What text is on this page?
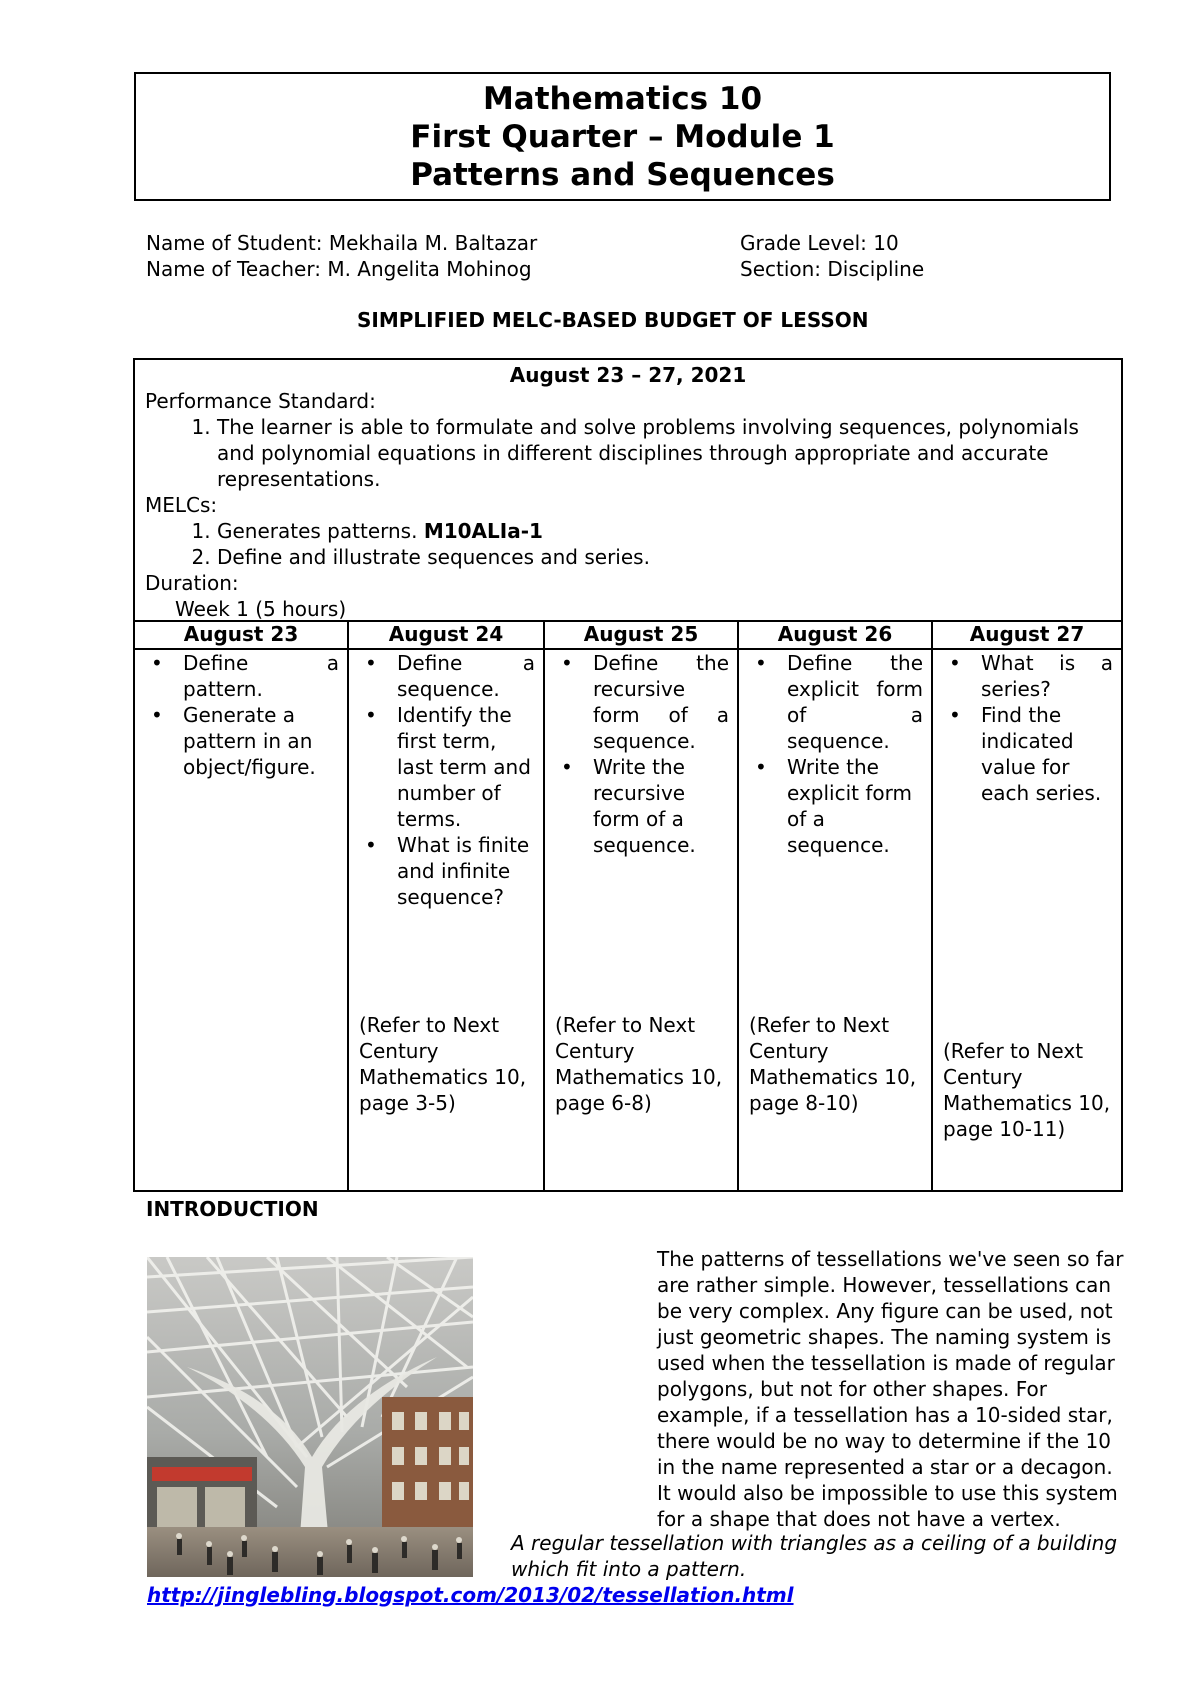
Mathematics 10
First Quarter – Module 1
Patterns and Sequences
Name of Student: Mekhaila M. Baltazar
Name of Teacher: M. Angelita Mohinog
Grade Level: 10
Section: Discipline
SIMPLIFIED MELC-BASED BUDGET OF LESSON
August 23 – 27, 2021
Performance Standard:
1. The learner is able to formulate and solve problems involving sequences, polynomials and polynomial equations in different disciplines through appropriate and accurate representations.
MELCs:
1. Generates patterns. M10ALIa-1
2. Define and illustrate sequences and series.
Duration:
Week 1 (5 hours)
August 23
• Define a pattern.
• Generate a pattern in an object/figure.
August 24
• Define a sequence.
• Identify the first term, last term and number of terms.
• What is finite and infinite sequence?
(Refer to Next Century Mathematics 10, page 3-5)
August 25
• Define the recursive form of a sequence.
• Write the recursive form of a sequence.
(Refer to Next Century Mathematics 10, page 6-8)
August 26
• Define the explicit form of a sequence.
• Write the explicit form of a sequence.
(Refer to Next Century Mathematics 10, page 8-10)
August 27
• What is a series?
• Find the indicated value for each series.
(Refer to Next Century Mathematics 10, page 10-11)
INTRODUCTION
The patterns of tessellations we've seen so far are rather simple. However, tessellations can be very complex. Any figure can be used, not just geometric shapes. The naming system is used when the tessellation is made of regular polygons, but not for other shapes. For example, if a tessellation has a 10-sided star, there would be no way to determine if the 10 in the name represented a star or a decagon. It would also be impossible to use this system for a shape that does not have a vertex.
A regular tessellation with triangles as a ceiling of a building which fit into a pattern.
http://jinglebling.blogspot.com/2013/02/tessellation.html
